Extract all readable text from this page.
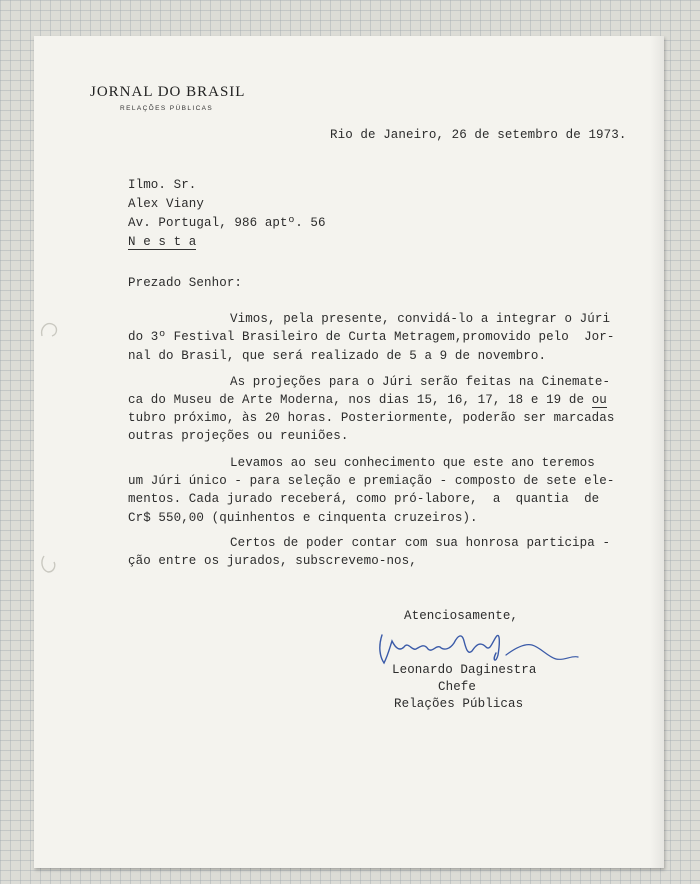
JORNAL DO BRASIL
RELAÇÕES PÚBLICAS
Rio de Janeiro, 26 de setembro de 1973.
Ilmo. Sr.
Alex Viany
Av. Portugal, 986 aptº. 56
N e s t a
Prezado Senhor:
Vimos, pela presente, convidá-lo a integrar o Júri
do 3º Festival Brasileiro de Curta Metragem,promovido pelo  Jor-
nal do Brasil, que será realizado de 5 a 9 de novembro.
As projeções para o Júri serão feitas na Cinemate-
ca do Museu de Arte Moderna, nos dias 15, 16, 17, 18 e 19 de ou
tubro próximo, às 20 horas. Posteriormente, poderão ser marcadas
outras projeções ou reuniões.
Levamos ao seu conhecimento que este ano teremos
um Júri único - para seleção e premiação - composto de sete ele-
mentos. Cada jurado receberá, como pró-labore,  a  quantia  de
Cr$ 550,00 (quinhentos e cinquenta cruzeiros).
Certos de poder contar com sua honrosa participa -
ção entre os jurados, subscrevemo-nos,
Atenciosamente,
Leonardo Daginestra
Chefe
Relações Públicas
